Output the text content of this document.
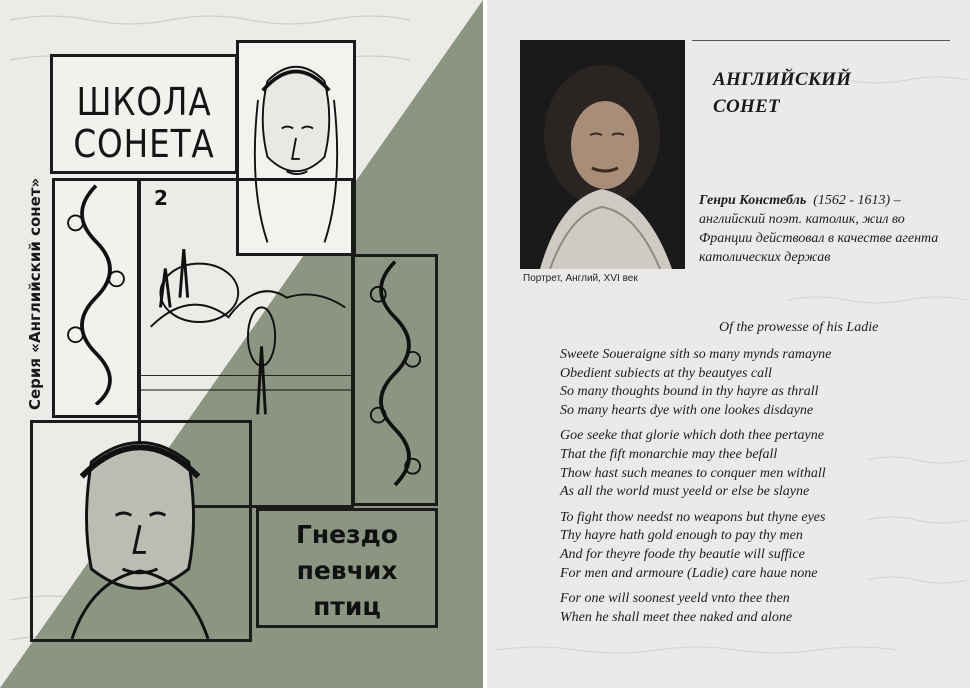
ШКОЛА
СОНЕТА
2
Серия «Английский сонет»
Гнездо
певчих
птиц
Портрет, Англий, XVI век
АНГЛИЙСКИЙ
СОНЕТ
Генри Констебль (1562 - 1613) – английский поэт. католик, жил во Франции действовал в качестве агента католических держав
Of the prowesse of his Ladie
Sweete Soueraigne sith so many mynds ramayne
Obedient subiects at thy beautyes call
So many thoughts bound in thy hayre as thrall
So many hearts dye with one lookes disdayne
Goe seeke that glorie which doth thee pertayne
That the fift monarchie may thee befall
Thow hast such meanes to conquer men withall
As all the world must yeeld or else be slayne
To fight thow needst no weapons but thyne eyes
Thy hayre hath gold enough to pay thy men
And for theyre foode thy beautie will suffice
For men and armoure (Ladie) care haue none
For one will soonest yeeld vnto thee then
When he shall meet thee naked and alone
